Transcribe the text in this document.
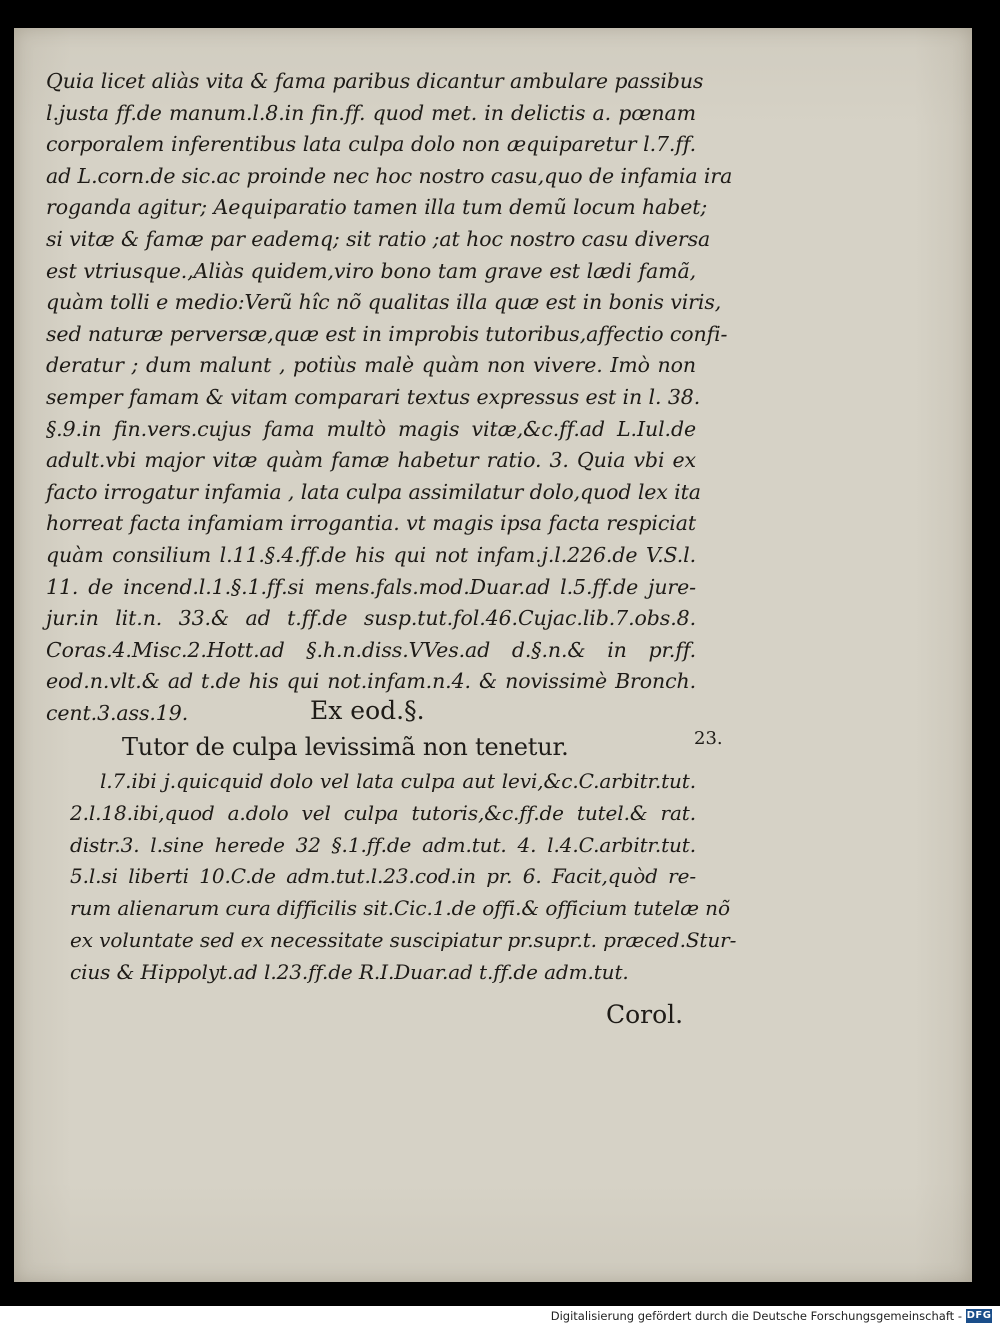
Quia licet aliàs vita & fama paribus dicantur ambulare passibus
l.justa ff.de manum.l.8.in fin.ff. quod met. in delictis a. pœnam
corporalem inferentibus lata culpa dolo non æquiparetur l.7.ff.
ad L.corn.de sic.ac proinde nec hoc nostro casu,quo de infamia ira
roganda agitur; Aequiparatio tamen illa tum demũ locum habet;
si vitæ & famæ par eademq; sit ratio ;at hoc nostro casu diversa
est vtriusque.,Aliàs quidem,viro bono tam grave est lædi famã,
quàm tolli e medio:Verũ hîc nõ qualitas illa quæ est in bonis viris,
sed naturæ perversæ,quæ est in improbis tutoribus,affectio confi-
deratur ; dum malunt , potiùs malè quàm non vivere. Imò non
semper famam & vitam comparari textus expressus est in l. 38.
§.9.in fin.vers.cujus fama multò magis vitæ,&c.ff.ad L.Iul.de
adult.vbi major vitæ quàm famæ habetur ratio. 3. Quia vbi ex
facto irrogatur infamia , lata culpa assimilatur dolo,quod lex ita
horreat facta infamiam irrogantia. vt magis ipsa facta respiciat
quàm consilium l.11.§.4.ff.de his qui not infam.j.l.226.de V.S.l.
11. de incend.l.1.§.1.ff.si mens.fals.mod.Duar.ad l.5.ff.de jure-
jur.in lit.n. 33.& ad t.ff.de susp.tut.fol.46.Cujac.lib.7.obs.8.
Coras.4.Misc.2.Hott.ad §.h.n.diss.VVes.ad d.§.n.& in pr.ff.
eod.n.vlt.& ad t.de his qui not.infam.n.4. & novissimè Bronch.
cent.3.ass.19.	Ex eod.§.
Tutor de culpa levissimã non tenetur.	23.
l.7.ibi j.quicquid dolo vel lata culpa aut levi,&c.C.arbitr.tut.
2.l.18.ibi,quod a.dolo vel culpa tutoris,&c.ff.de tutel.& rat.
distr.3. l.sine herede 32 §.1.ff.de adm.tut. 4. l.4.C.arbitr.tut.
5.l.si liberti 10.C.de adm.tut.l.23.cod.in pr. 6. Facit,quòd re-
rum alienarum cura difficilis sit.Cic.1.de offi.& officium tutelæ nõ
ex voluntate sed ex necessitate suscipiatur pr.supr.t. præced.Stur-
cius & Hippolyt.ad l.23.ff.de R.I.Duar.ad t.ff.de adm.tut.
Corol.
Digitalisierung gefördert durch die Deutsche Forschungsgemeinschaft - DFG
